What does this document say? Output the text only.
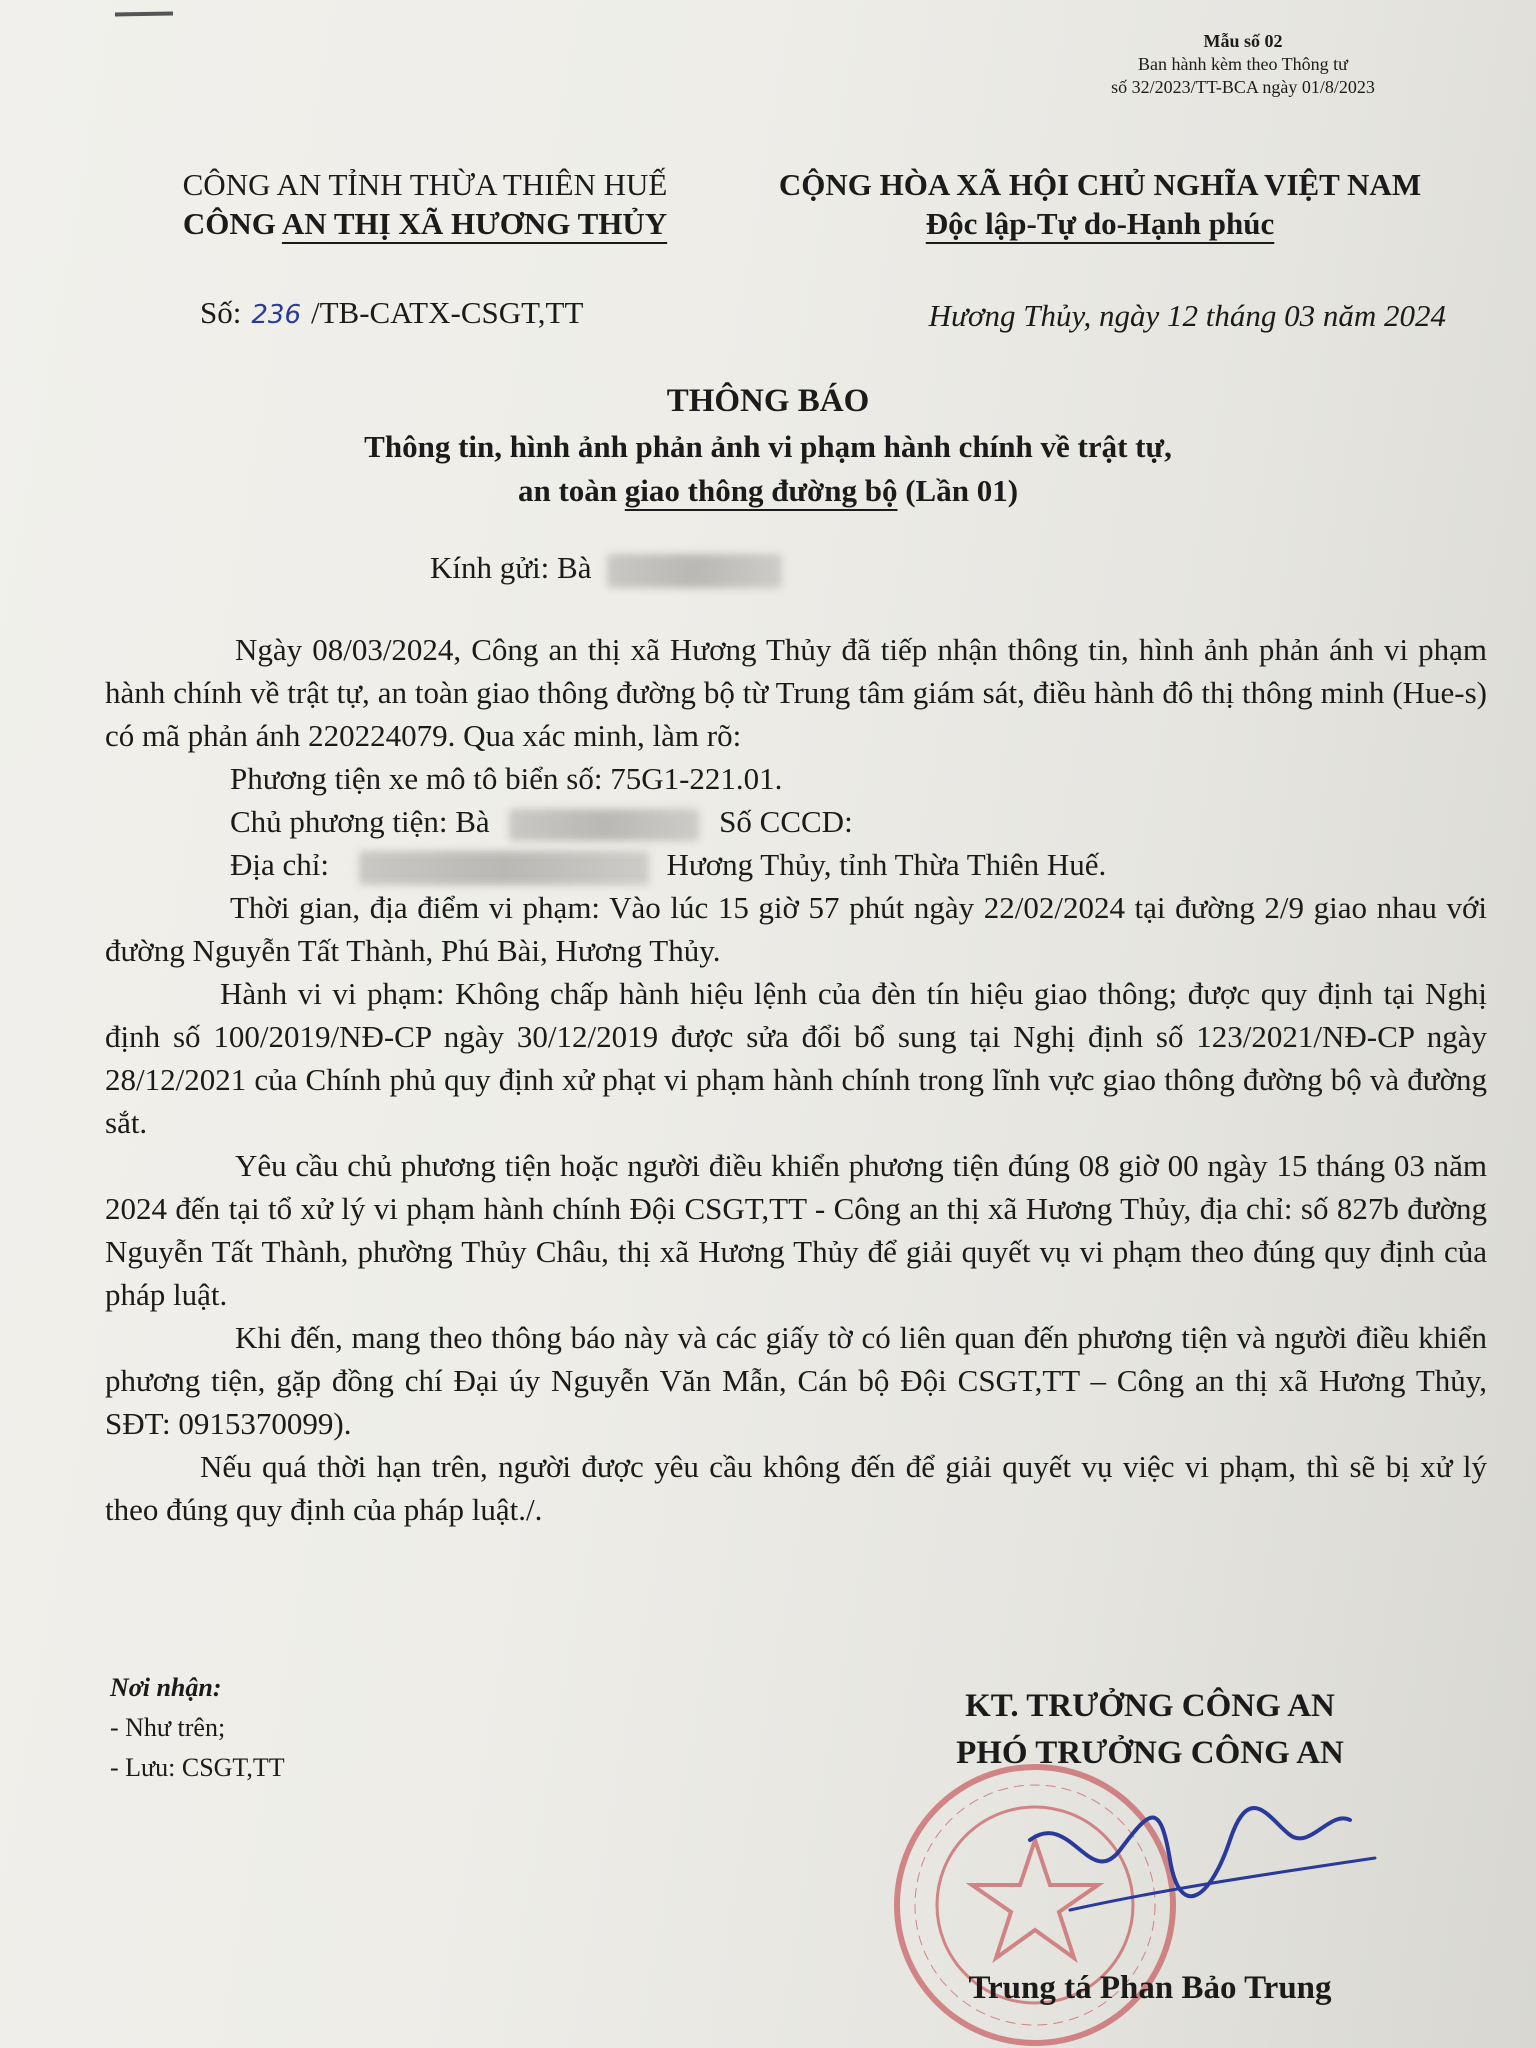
Mẫu số 02
Ban hành kèm theo Thông tư
số 32/2023/TT-BCA ngày 01/8/2023
CÔNG AN TỈNH THỪA THIÊN HUẾ
CÔNG AN THỊ XÃ HƯƠNG THỦY
CỘNG HÒA XÃ HỘI CHỦ NGHĨA VIỆT NAM
Độc lập-Tự do-Hạnh phúc
Số: 236 /TB-CATX-CSGT,TT	Hương Thủy, ngày 12 tháng 03 năm 2024
THÔNG BÁO
Thông tin, hình ảnh phản ảnh vi phạm hành chính về trật tự,
an toàn giao thông đường bộ (Lần 01)
Kính gửi: Bà

Ngày 08/03/2024, Công an thị xã Hương Thủy đã tiếp nhận thông tin, hình ảnh phản ánh vi phạm hành chính về trật tự, an toàn giao thông đường bộ từ Trung tâm giám sát, điều hành đô thị thông minh (Hue-s) có mã phản ánh 220224079. Qua xác minh, làm rõ:

Phương tiện xe mô tô biển số: 75G1-221.01.
Chủ phương tiện: Bà	Số CCCD:
Địa chỉ:	Hương Thủy, tỉnh Thừa Thiên Huế.

Thời gian, địa điểm vi phạm: Vào lúc 15 giờ 57 phút ngày 22/02/2024 tại đường 2/9 giao nhau với đường Nguyễn Tất Thành, Phú Bài, Hương Thủy.

Hành vi vi phạm: Không chấp hành hiệu lệnh của đèn tín hiệu giao thông; được quy định tại Nghị định số 100/2019/NĐ-CP ngày 30/12/2019 được sửa đổi bổ sung tại Nghị định số 123/2021/NĐ-CP ngày 28/12/2021 của Chính phủ quy định xử phạt vi phạm hành chính trong lĩnh vực giao thông đường bộ và đường sắt.

Yêu cầu chủ phương tiện hoặc người điều khiển phương tiện đúng 08 giờ 00 ngày 15 tháng 03 năm 2024 đến tại tổ xử lý vi phạm hành chính Đội CSGT,TT - Công an thị xã Hương Thủy, địa chỉ: số 827b đường Nguyễn Tất Thành, phường Thủy Châu, thị xã Hương Thủy để giải quyết vụ vi phạm theo đúng quy định của pháp luật.

Khi đến, mang theo thông báo này và các giấy tờ có liên quan đến phương tiện và người điều khiển phương tiện, gặp đồng chí Đại úy Nguyễn Văn Mẫn, Cán bộ Đội CSGT,TT – Công an thị xã Hương Thủy, SĐT: 0915370099).

Nếu quá thời hạn trên, người được yêu cầu không đến để giải quyết vụ việc vi phạm, thì sẽ bị xử lý theo đúng quy định của pháp luật./.

Nơi nhận:
- Như trên;
- Lưu: CSGT,TT
KT. TRƯỞNG CÔNG AN
PHÓ TRƯỞNG CÔNG AN
Trung tá Phan Bảo Trung
